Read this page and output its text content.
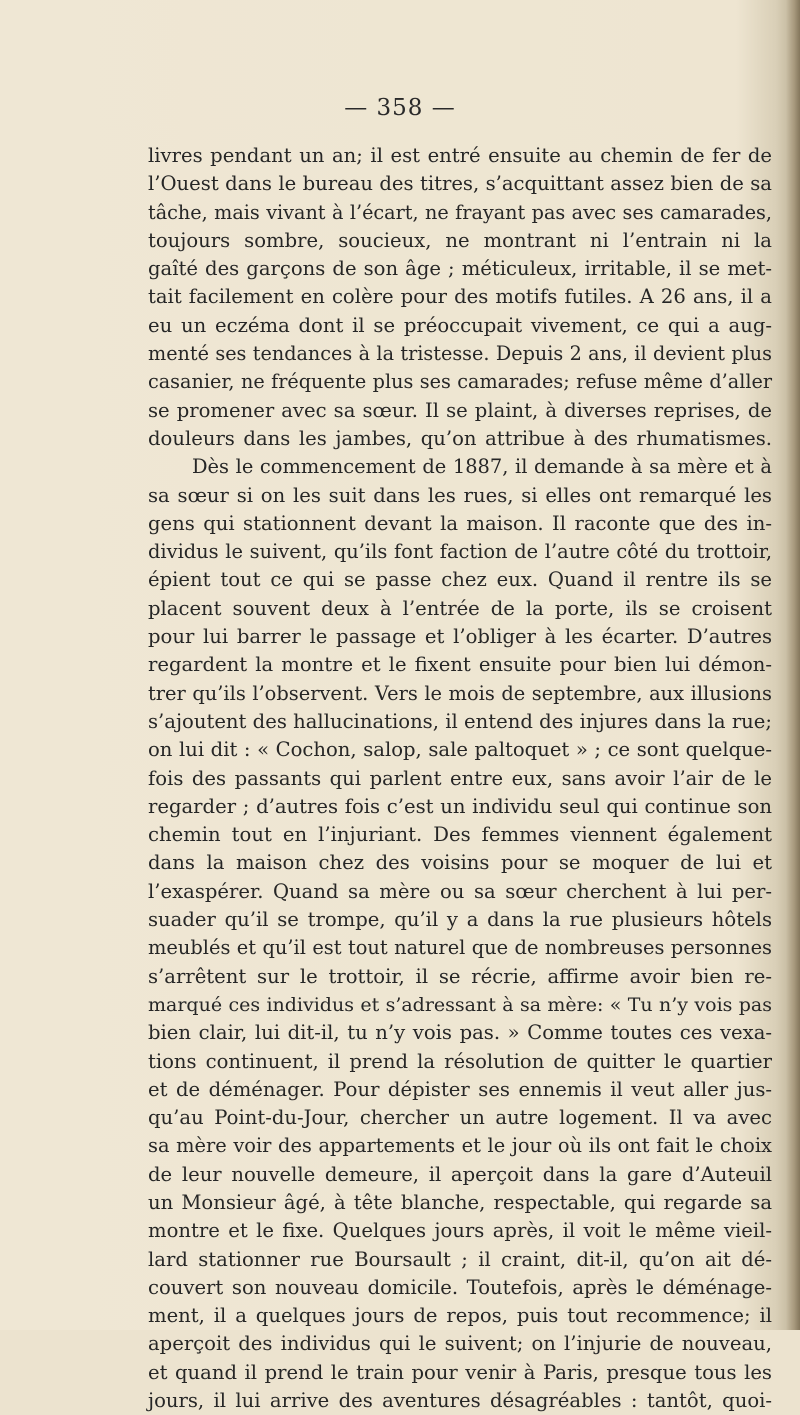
— 358 —
livres pendant un an; il est entré ensuite au chemin de fer de
l’Ouest dans le bureau des titres, s’acquittant assez bien de sa
tâche, mais vivant à l’écart, ne frayant pas avec ses camarades,
toujours sombre, soucieux, ne montrant ni l’entrain ni la
gaîté des garçons de son âge ; méticuleux, irritable, il se met-
tait facilement en colère pour des motifs futiles. A 26 ans, il a
eu un eczéma dont il se préoccupait vivement, ce qui a aug-
menté ses tendances à la tristesse. Depuis 2 ans, il devient plus
casanier, ne fréquente plus ses camarades; refuse même d’aller
se promener avec sa sœur. Il se plaint, à diverses reprises, de
douleurs dans les jambes, qu’on attribue à des rhumatismes.
Dès le commencement de 1887, il demande à sa mère et à
sa sœur si on les suit dans les rues, si elles ont remarqué les
gens qui stationnent devant la maison. Il raconte que des in-
dividus le suivent, qu’ils font faction de l’autre côté du trottoir,
épient tout ce qui se passe chez eux. Quand il rentre ils se
placent souvent deux à l’entrée de la porte, ils se croisent
pour lui barrer le passage et l’obliger à les écarter. D’autres
regardent la montre et le fixent ensuite pour bien lui démon-
trer qu’ils l’observent. Vers le mois de septembre, aux illusions
s’ajoutent des hallucinations, il entend des injures dans la rue;
on lui dit : « Cochon, salop, sale paltoquet » ; ce sont quelque-
fois des passants qui parlent entre eux, sans avoir l’air de le
regarder ; d’autres fois c’est un individu seul qui continue son
chemin tout en l’injuriant. Des femmes viennent également
dans la maison chez des voisins pour se moquer de lui et
l’exaspérer. Quand sa mère ou sa sœur cherchent à lui per-
suader qu’il se trompe, qu’il y a dans la rue plusieurs hôtels
meublés et qu’il est tout naturel que de nombreuses personnes
s’arrêtent sur le trottoir, il se récrie, affirme avoir bien re-
marqué ces individus et s’adressant à sa mère: « Tu n’y vois pas
bien clair, lui dit-il, tu n’y vois pas. » Comme toutes ces vexa-
tions continuent, il prend la résolution de quitter le quartier
et de déménager. Pour dépister ses ennemis il veut aller jus-
qu’au Point-du-Jour, chercher un autre logement. Il va avec
sa mère voir des appartements et le jour où ils ont fait le choix
de leur nouvelle demeure, il aperçoit dans la gare d’Auteuil
un Monsieur âgé, à tête blanche, respectable, qui regarde sa
montre et le fixe. Quelques jours après, il voit le même vieil-
lard stationner rue Boursault ; il craint, dit-il, qu’on ait dé-
couvert son nouveau domicile. Toutefois, après le déménage-
ment, il a quelques jours de repos, puis tout recommence; il
aperçoit des individus qui le suivent; on l’injurie de nouveau,
et quand il prend le train pour venir à Paris, presque tous les
jours, il lui arrive des aventures désagréables : tantôt, quoi-
